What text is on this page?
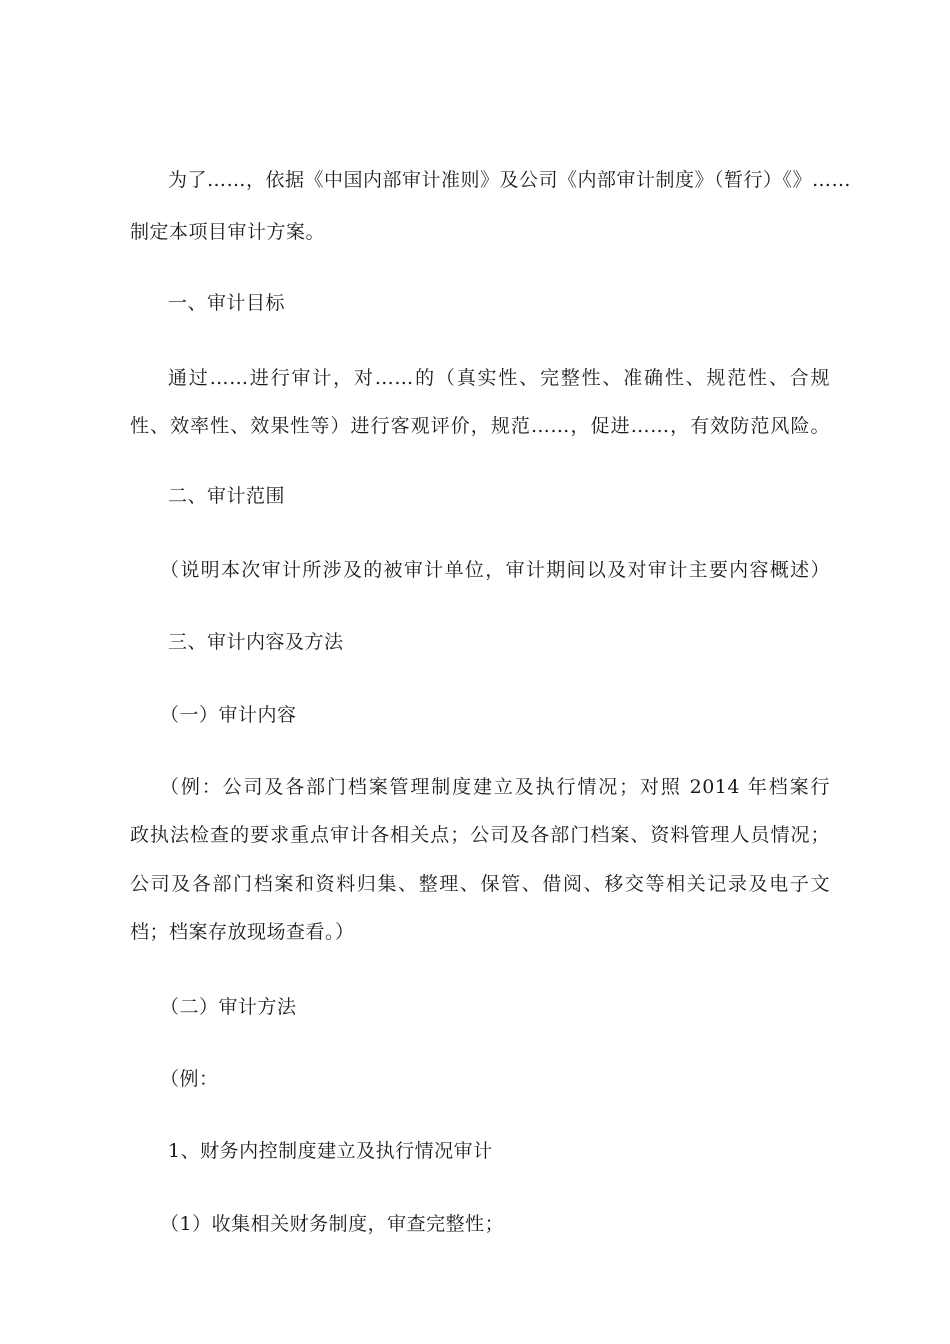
为了……，依据《中国内部审计准则》及公司《内部审计制度》（暂行）《》……
制定本项目审计方案。
一、审计目标
通过……进行审计，对……的（真实性、完整性、准确性、规范性、合规
性、效率性、效果性等）进行客观评价，规范……，促进……，有效防范风险。
二、审计范围
（说明本次审计所涉及的被审计单位，审计期间以及对审计主要内容概述）
三、审计内容及方法
（一）审计内容
（例：公司及各部门档案管理制度建立及执行情况；对照 2014 年档案行
政执法检查的要求重点审计各相关点；公司及各部门档案、资料管理人员情况；
公司及各部门档案和资料归集、整理、保管、借阅、移交等相关记录及电子文
档；档案存放现场查看。）
（二）审计方法
（例：
1、财务内控制度建立及执行情况审计
（1）收集相关财务制度，审查完整性；
